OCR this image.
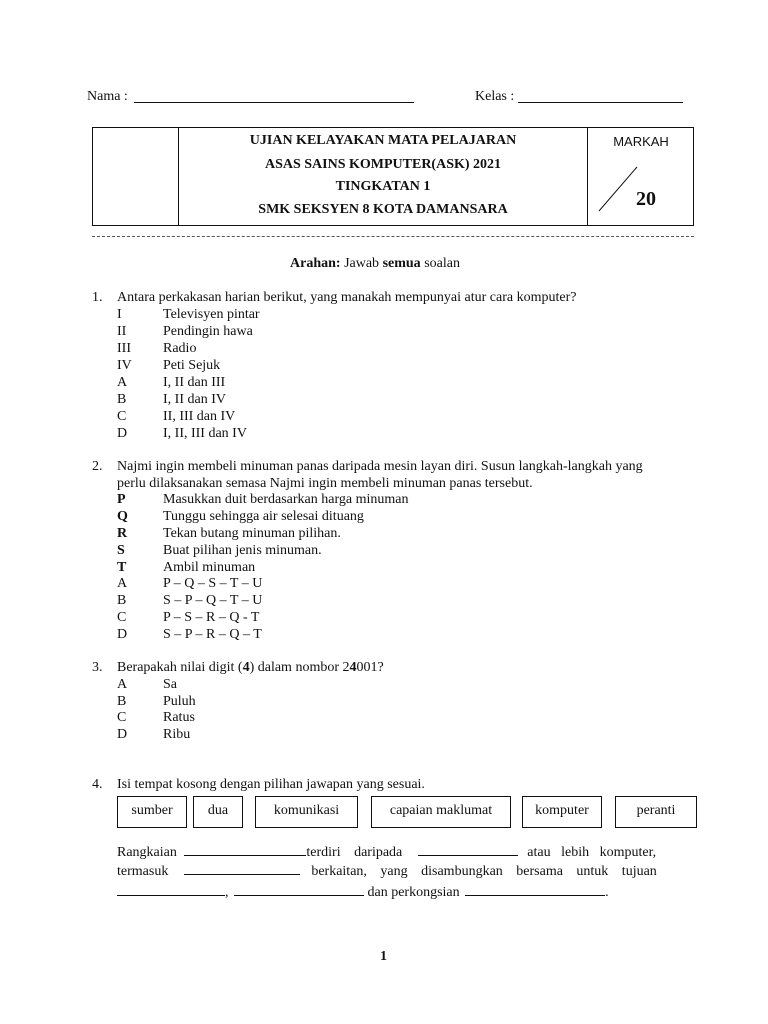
Nama :	Kelas :
UJIAN KELAYAKAN MATA PELAJARAN
ASAS SAINS KOMPUTER(ASK) 2021
TINGKATAN 1
SMK SEKSYEN 8 KOTA DAMANSARA
MARKAH
20
Arahan: Jawab semua soalan
1. Antara perkakasan harian berikut, yang manakah mempunyai atur cara komputer?
I	Televisyen pintar
II	Pendingin hawa
III Radio
IV Peti Sejuk
A	I, II dan III
B	I, II dan IV
C	II, III dan IV
D	I, II, III dan IV
2. Najmi ingin membeli minuman panas daripada mesin layan diri. Susun langkah-langkah yang
perlu dilaksanakan semasa Najmi ingin membeli minuman panas tersebut.
P	Masukkan duit berdasarkan harga minuman
Q	Tunggu sehingga air selesai dituang
R	Tekan butang minuman pilihan.
S	Buat pilihan jenis minuman.
T	Ambil minuman
A	P – Q – S – T – U
B	S – P – Q – T – U
C	P – S – R – Q - T
D	S – P – R – Q – T
3. Berapakah nilai digit (4) dalam nombor 24001?
A	Sa
B	Puluh
C	Ratus
D	Ribu
4. Isi tempat kosong dengan pilihan jawapan yang sesuai.
sumber	dua	komunikasi	capaian maklumat	komputer	peranti
Rangkaian	terdiri daripada	atau lebih komputer,
termasuk	berkaitan, yang disambungkan bersama untuk tujuan
,	dan perkongsian	.
1
